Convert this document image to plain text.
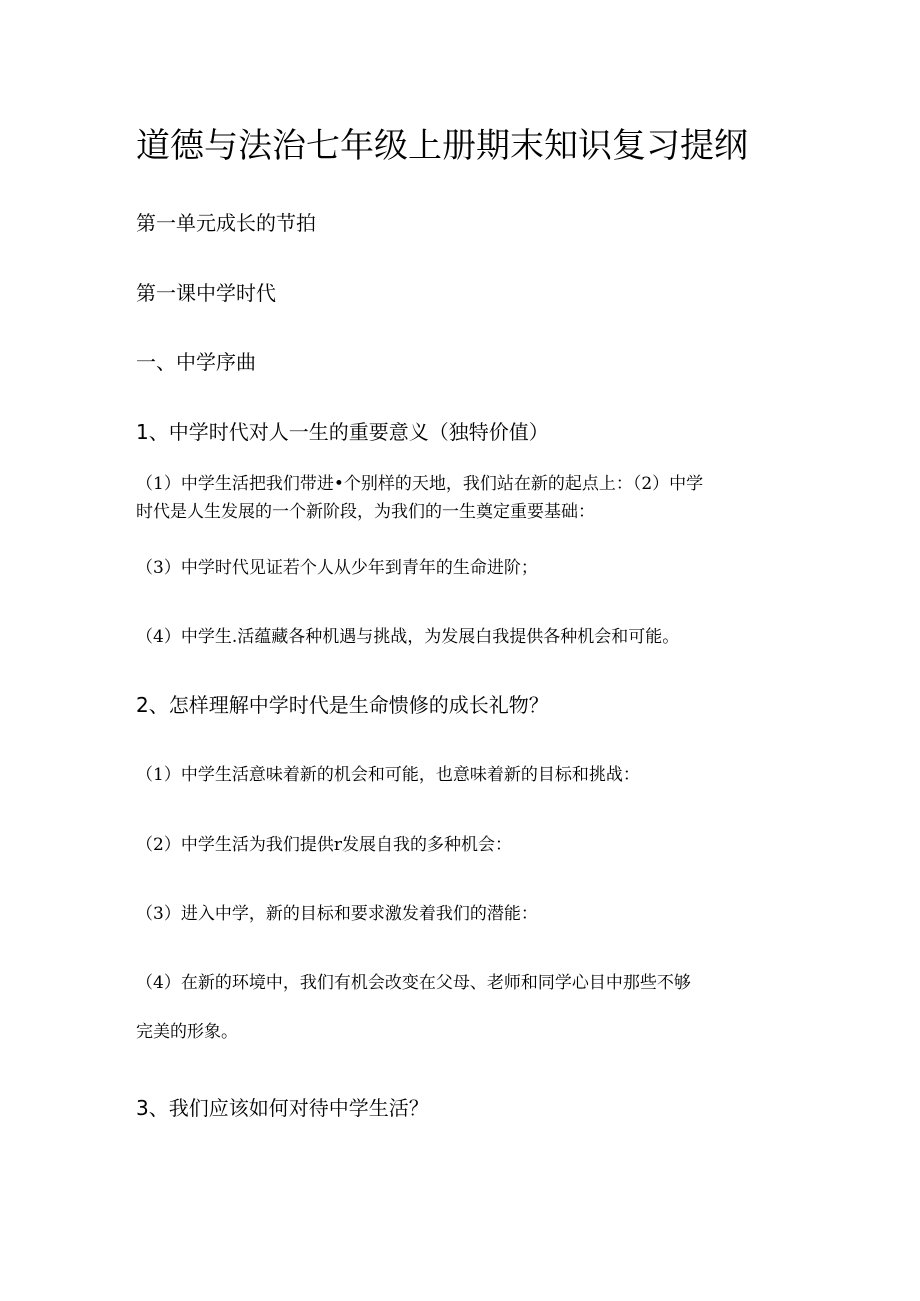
道德与法治七年级上册期末知识复习提纲
第一单元成长的节拍
第一课中学时代
一、中学序曲
1、中学时代对人一生的重要意义（独特价值）
（1）中学生活把我们带进•个别样的天地，我们站在新的起点上：（2）中学
时代是人生发展的一个新阶段，为我们的一生奠定重要基础：
（3）中学时代见证若个人从少年到青年的生命进阶；
（4）中学生.活蕴藏各种机遇与挑战，为发展白我提供各种机会和可能。
2、怎样理解中学时代是生命愦修的成长礼物？
（1）中学生活意味着新的机会和可能，也意味着新的目标和挑战：
（2）中学生活为我们提供r发展自我的多种机会：
（3）进入中学，新的目标和要求激发着我们的潜能：
（4）在新的环境中，我们有机会改变在父母、老师和同学心目中那些不够
完美的形象。
3、我们应该如何对待中学生活？
